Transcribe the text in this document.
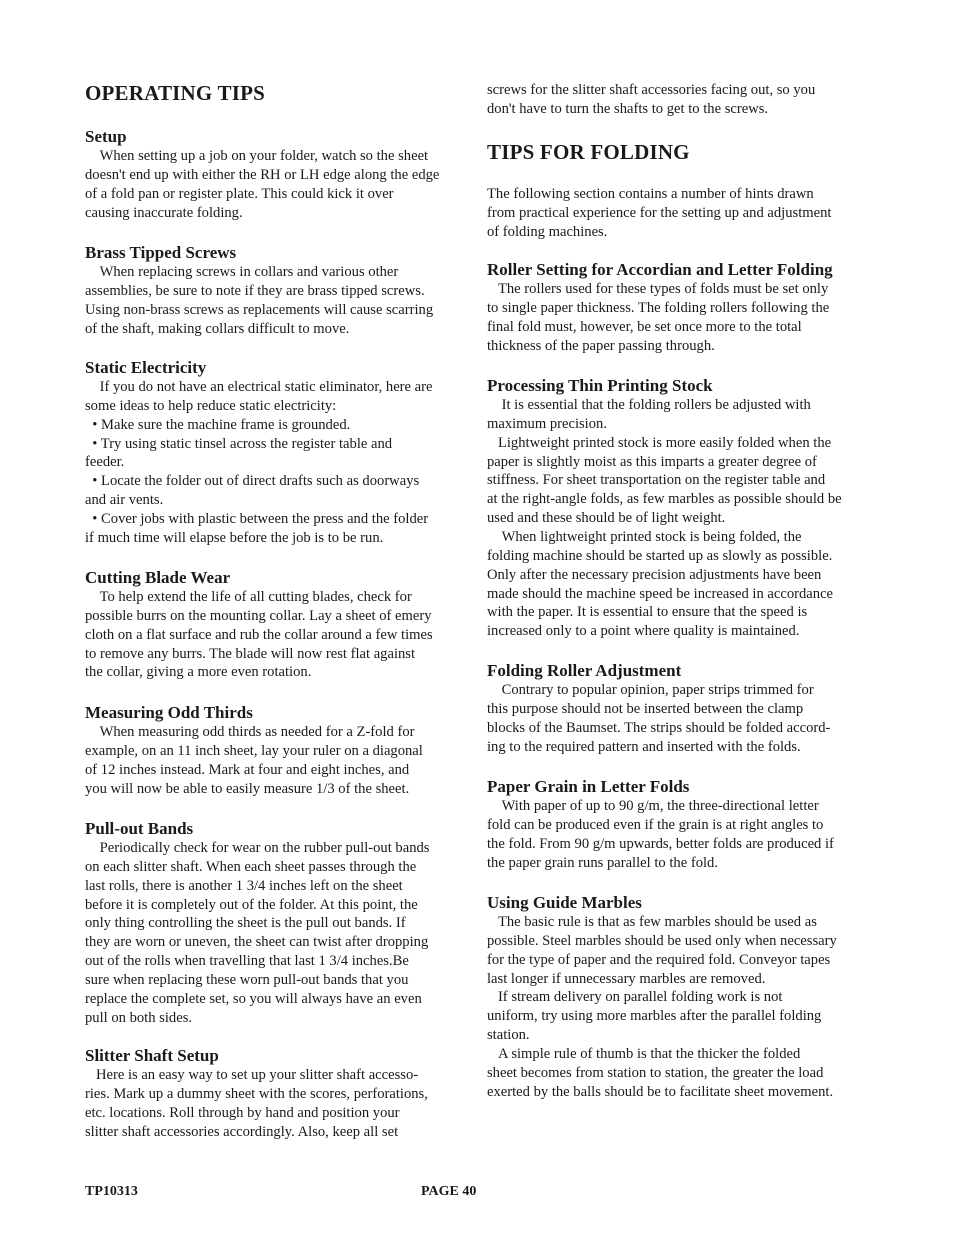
OPERATING TIPS
Setup
When setting up a job on your folder, watch so the sheet
doesn't end up with either the RH or LH edge along the edge
of a fold pan or register plate. This could kick it over
causing inaccurate folding.
Brass Tipped Screws
When replacing screws in collars and various other
assemblies, be sure to note if they are brass tipped screws.
Using non-brass screws as replacements will cause scarring
of the shaft, making collars difficult to move.
Static Electricity
If you do not have an electrical static eliminator, here are
some ideas to help reduce static electricity:
• Make sure the machine frame is grounded.
• Try using static tinsel across the register table and
feeder.
• Locate the folder out of direct drafts such as doorways
and air vents.
• Cover jobs with plastic between the press and the folder
if much time will elapse before the job is to be run.
Cutting Blade Wear
To help extend the life of all cutting blades, check for
possible burrs on the mounting collar. Lay a sheet of emery
cloth on a flat surface and rub the collar around a few times
to remove any burrs. The blade will now rest flat against
the collar, giving a more even rotation.
Measuring Odd Thirds
When measuring odd thirds as needed for a Z-fold for
example, on an 11 inch sheet, lay your ruler on a diagonal
of 12 inches instead. Mark at four and eight inches, and
you will now be able to easily measure 1/3 of the sheet.
Pull-out Bands
Periodically check for wear on the rubber pull-out bands
on each slitter shaft. When each sheet passes through the
last rolls, there is another 1 3/4 inches left on the sheet
before it is completely out of the folder. At this point, the
only thing controlling the sheet is the pull out bands. If
they are worn or uneven, the sheet can twist after dropping
out of the rolls when travelling that last 1 3/4 inches.Be
sure when replacing these worn pull-out bands that you
replace the complete set, so you will always have an even
pull on both sides.
Slitter Shaft Setup
Here is an easy way to set up your slitter shaft accesso-
ries. Mark up a dummy sheet with the scores, perforations,
etc. locations. Roll through by hand and position your
slitter shaft accessories accordingly. Also, keep all set
screws for the slitter shaft accessories facing out, so you
don't have to turn the shafts to get to the screws.
TIPS FOR FOLDING
The following section contains a number of hints drawn
from practical experience for the setting up and adjustment
of folding machines.
Roller Setting for Accordian and Letter Folding
The rollers used for these types of folds must be set only
to single paper thickness. The folding rollers following the
final fold must, however, be set once more to the total
thickness of the paper passing through.
Processing Thin Printing Stock
It is essential that the folding rollers be adjusted with
maximum precision.
Lightweight printed stock is more easily folded when the
paper is slightly moist as this imparts a greater degree of
stiffness. For sheet transportation on the register table and
at the right-angle folds, as few marbles as possible should be
used and these should be of light weight.
When lightweight printed stock is being folded, the
folding machine should be started up as slowly as possible.
Only after the necessary precision adjustments have been
made should the machine speed be increased in accordance
with the paper. It is essential to ensure that the speed is
increased only to a point where quality is maintained.
Folding Roller Adjustment
Contrary to popular opinion, paper strips trimmed for
this purpose should not be inserted between the clamp
blocks of the Baumset. The strips should be folded accord-
ing to the required pattern and inserted with the folds.
Paper Grain in Letter Folds
With paper of up to 90 g/m, the three-directional letter
fold can be produced even if the grain is at right angles to
the fold. From 90 g/m upwards, better folds are produced if
the paper grain runs parallel to the fold.
Using Guide Marbles
The basic rule is that as few marbles should be used as
possible. Steel marbles should be used only when necessary
for the type of paper and the required fold. Conveyor tapes
last longer if unnecessary marbles are removed.
If stream delivery on parallel folding work is not
uniform, try using more marbles after the parallel folding
station.
A simple rule of thumb is that the thicker the folded
sheet becomes from station to station, the greater the load
exerted by the balls should be to facilitate sheet movement.
TP10313	PAGE 40
